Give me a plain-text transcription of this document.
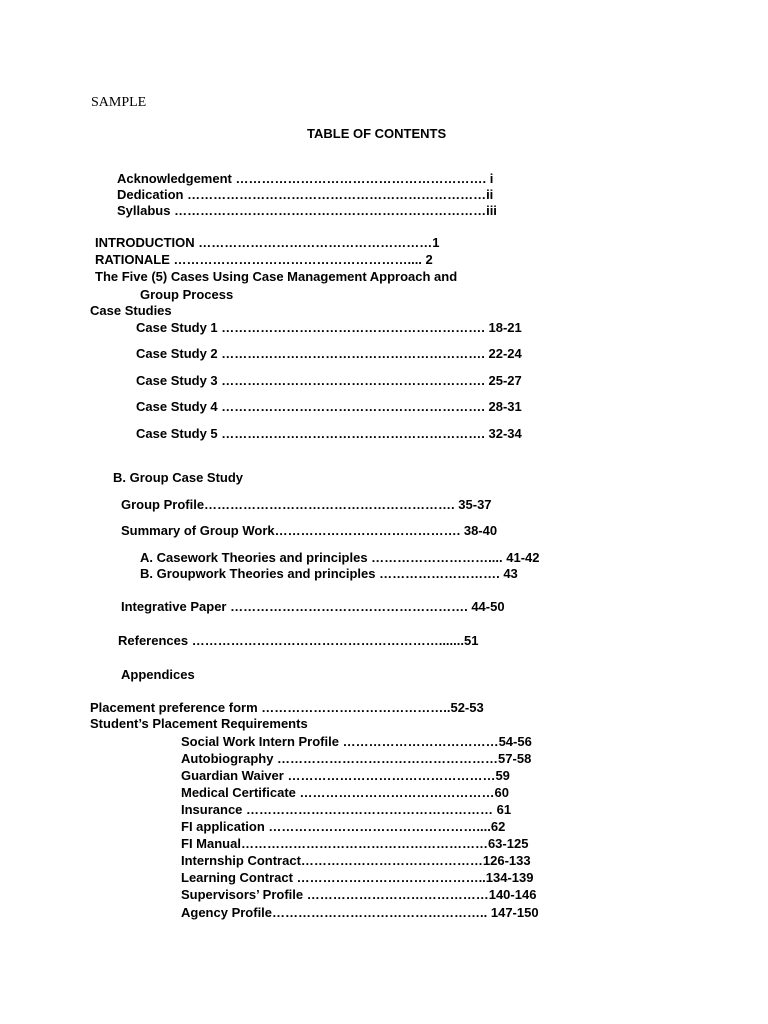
SAMPLE
TABLE OF CONTENTS
Acknowledgement …………………………………………………. i
Dedication ……………………………………………………………ii
Syllabus ………………………………………………………………iii
INTRODUCTION ………………………………………………1
RATIONALE ……………………………………………….... 2
The Five (5) Cases Using Case Management Approach and
Group Process
Case Studies
Case Study 1 ……………………………………………………. 18-21
Case Study 2 ……………………………………………………. 22-24
Case Study 3 ……………………………………………………. 25-27
Case Study 4 ……………………………………………………. 28-31
Case Study 5 ……………………………………………………. 32-34
B. Group Case Study
Group Profile…………………………………………………. 35-37
Summary of Group Work……………………………………. 38-40
A. Casework Theories and principles ……………………….... 41-42
B. Groupwork Theories and principles ………………………. 43
Integrative Paper ………………………………………………. 44-50
References ………………………………………………….......51
Appendices
Placement preference form ……………………………………..52-53
Student’s Placement Requirements
Social Work Intern Profile ………………………………54-56
Autobiography ……………………………………………57-58
Guardian Waiver …………………………………………59
Medical Certificate ………………………………………60
Insurance ………………………………………………… 61
FI application …………………………………………....62
FI Manual…………………………………………………63-125
Internship Contract……………………………………126-133
Learning Contract ……………………………………..134-139
Supervisors’ Profile ……………………………………140-146
Agency Profile………………………………………….. 147-150
